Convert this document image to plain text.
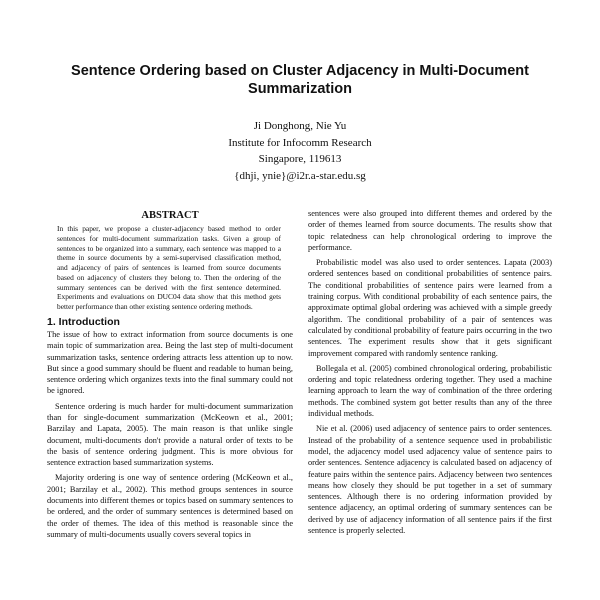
Sentence Ordering based on Cluster Adjacency in Multi-Document Summarization
Ji Donghong, Nie Yu
Institute for Infocomm Research
Singapore, 119613
{dhji, ynie}@i2r.a-star.edu.sg
ABSTRACT

In this paper, we propose a cluster-adjacency based method to order sentences for multi-document summarization tasks. Given a group of sentences to be organized into a summary, each sentence was mapped to a theme in source documents by a semi-supervised classification method, and adjacency of pairs of sentences is learned from source documents based on adjacency of clusters they belong to. Then the ordering of the summary sentences can be derived with the first sentence determined. Experiments and evaluations on DUC04 data show that this method gets better performance than other existing sentence ordering methods.

1. Introduction

The issue of how to extract information from source documents is one main topic of summarization area. Being the last step of multi-document summarization tasks, sentence ordering attracts less attention up to now. But since a good summary should be fluent and readable to human being, sentence ordering which organizes texts into the final summary could not be ignored.

Sentence ordering is much harder for multi-document summarization than for single-document summarization (McKeown et al., 2001; Barzilay and Lapata, 2005). The main reason is that unlike single document, multi-documents don't provide a natural order of texts to be the basis of sentence ordering judgment. This is more obvious for sentence extraction based summarization systems.

Majority ordering is one way of sentence ordering (McKeown et al., 2001; Barzilay et al., 2002). This method groups sentences in source documents into different themes or topics based on summary sentences to be ordered, and the order of summary sentences is determined based on the order of themes. The idea of this method is reasonable since the summary of multi-documents usually covers several topics in

sentences were also grouped into different themes and ordered by the order of themes learned from source documents. The results show that topic relatedness can help chronological ordering to improve the performance.

Probabilistic model was also used to order sentences. Lapata (2003) ordered sentences based on conditional probabilities of sentence pairs. The conditional probabilities of sentence pairs were learned from a training corpus. With conditional probability of each sentence pairs, the approximate optimal global ordering was achieved with a simple greedy algorithm. The conditional probability of a pair of sentences was calculated by conditional probability of feature pairs occurring in the two sentences. The experiment results show that it gets significant improvement compared with randomly sentence ranking.

Bollegala et al. (2005) combined chronological ordering, probabilistic ordering and topic relatedness ordering together. They used a machine learning approach to learn the way of combination of the three ordering methods. The combined system got better results than any of the three individual methods.

Nie et al. (2006) used adjacency of sentence pairs to order sentences. Instead of the probability of a sentence sequence used in probabilistic model, the adjacency model used adjacency value of sentence pairs to order sentences. Sentence adjacency is calculated based on adjacency of feature pairs within the sentence pairs. Adjacency between two sentences means how closely they should be put together in a set of summary sentences. Although there is no ordering information provided by sentence adjacency, an optimal ordering of summary sentences can be derived by use of adjacency information of all sentence pairs if the first sentence is properly selected.
